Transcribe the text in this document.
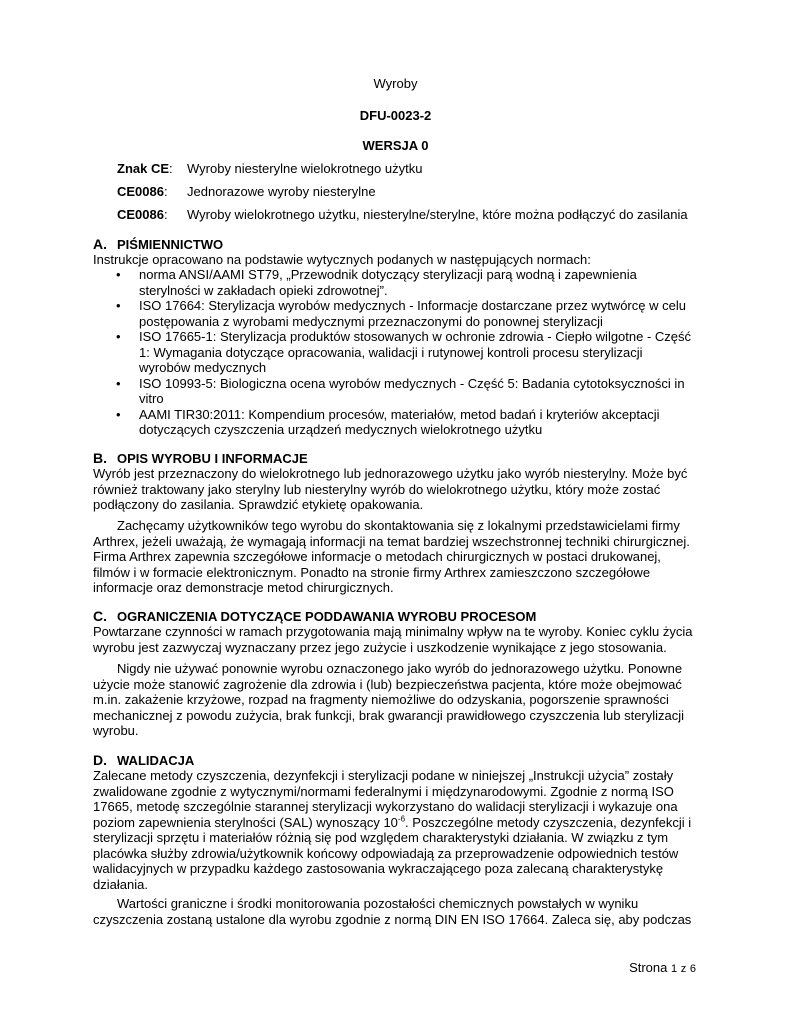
Wyroby
DFU-0023-2
WERSJA 0
Znak CE: Wyroby niesterylne wielokrotnego użytku
CE0086: Jednorazowe wyroby niesterylne
CE0086: Wyroby wielokrotnego użytku, niesterylne/sterylne, które można podłączyć do zasilania
A. PIŚMIENNICTWO

Instrukcje opracowano na podstawie wytycznych podanych w następujących normach:

• norma ANSI/AAMI ST79, „Przewodnik dotyczący sterylizacji parą wodną i zapewnienia sterylności w zakładach opieki zdrowotnej”.
• ISO 17664: Sterylizacja wyrobów medycznych - Informacje dostarczane przez wytwórcę w celu postępowania z wyrobami medycznymi przeznaczonymi do ponownej sterylizacji
• ISO 17665-1: Sterylizacja produktów stosowanych w ochronie zdrowia - Ciepło wilgotne - Część 1: Wymagania dotyczące opracowania, walidacji i rutynowej kontroli procesu sterylizacji wyrobów medycznych
• ISO 10993-5: Biologiczna ocena wyrobów medycznych - Część 5: Badania cytotoksyczności in vitro
• AAMI TIR30:2011: Kompendium procesów, materiałów, metod badań i kryteriów akceptacji dotyczących czyszczenia urządzeń medycznych wielokrotnego użytku
B. OPIS WYROBU I INFORMACJE

Wyrób jest przeznaczony do wielokrotnego lub jednorazowego użytku jako wyrób niesterylny. Może być również traktowany jako sterylny lub niesterylny wyrób do wielokrotnego użytku, który może zostać podłączony do zasilania. Sprawdzić etykietę opakowania.

Zachęcamy użytkowników tego wyrobu do skontaktowania się z lokalnymi przedstawicielami firmy Arthrex, jeżeli uważają, że wymagają informacji na temat bardziej wszechstronnej techniki chirurgicznej. Firma Arthrex zapewnia szczegółowe informacje o metodach chirurgicznych w postaci drukowanej, filmów i w formacie elektronicznym. Ponadto na stronie firmy Arthrex zamieszczono szczegółowe informacje oraz demonstracje metod chirurgicznych.

C. OGRANICZENIA DOTYCZĄCE PODDAWANIA WYROBU PROCESOM

Powtarzane czynności w ramach przygotowania mają minimalny wpływ na te wyroby. Koniec cyklu życia wyrobu jest zazwyczaj wyznaczany przez jego zużycie i uszkodzenie wynikające z jego stosowania.

Nigdy nie używać ponownie wyrobu oznaczonego jako wyrób do jednorazowego użytku. Ponowne użycie może stanowić zagrożenie dla zdrowia i (lub) bezpieczeństwa pacjenta, które może obejmować m.in. zakażenie krzyżowe, rozpad na fragmenty niemożliwe do odzyskania, pogorszenie sprawności mechanicznej z powodu zużycia, brak funkcji, brak gwarancji prawidłowego czyszczenia lub sterylizacji wyrobu.

D. WALIDACJA

Zalecane metody czyszczenia, dezynfekcji i sterylizacji podane w niniejszej „Instrukcji użycia” zostały zwalidowane zgodnie z wytycznymi/normami federalnymi i międzynarodowymi. Zgodnie z normą ISO 17665, metodę szczególnie starannej sterylizacji wykorzystano do walidacji sterylizacji i wykazuje ona poziom zapewnienia sterylności (SAL) wynoszący $10^{-6}$. Poszczególne metody czyszczenia, dezynfekcji i sterylizacji sprzętu i materiałów różnią się pod względem charakterystyki działania. W związku z tym placówka służby zdrowia/użytkownik końcowy odpowiadają za przeprowadzenie odpowiednich testów walidacyjnych w przypadku każdego zastosowania wykraczającego poza zalecaną charakterystykę działania.

Wartości graniczne i środki monitorowania pozostałości chemicznych powstałych w wyniku czyszczenia zostaną ustalone dla wyrobu zgodnie z normą DIN EN ISO 17664. Zaleca się, aby podczas

Strona 1 z 6
